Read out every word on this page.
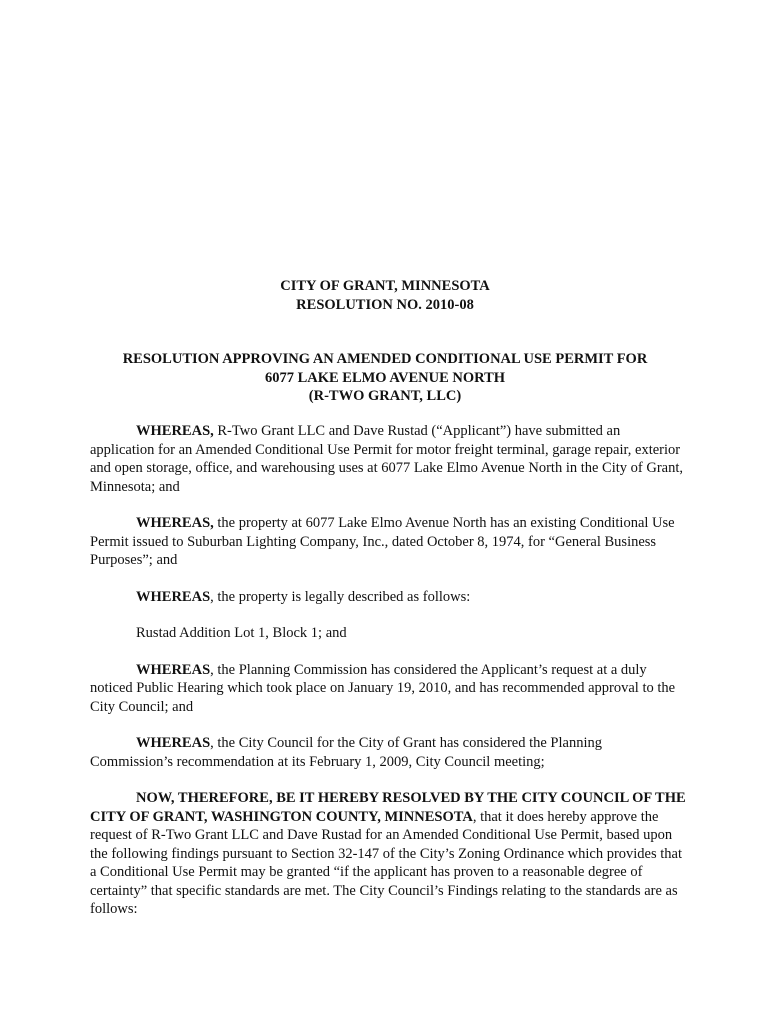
CITY OF GRANT, MINNESOTA
RESOLUTION NO. 2010-08
RESOLUTION APPROVING AN AMENDED CONDITIONAL USE PERMIT FOR
6077 LAKE ELMO AVENUE NORTH
(R-TWO GRANT, LLC)

WHEREAS, R-Two Grant LLC and Dave Rustad (“Applicant”) have submitted an application for an Amended Conditional Use Permit for motor freight terminal, garage repair, exterior and open storage, office, and warehousing uses at 6077 Lake Elmo Avenue North in the City of Grant, Minnesota; and

WHEREAS, the property at 6077 Lake Elmo Avenue North has an existing Conditional Use Permit issued to Suburban Lighting Company, Inc., dated October 8, 1974, for “General Business Purposes”; and

WHEREAS, the property is legally described as follows:

Rustad Addition Lot 1, Block 1; and

WHEREAS, the Planning Commission has considered the Applicant’s request at a duly noticed Public Hearing which took place on January 19, 2010, and has recommended approval to the City Council; and

WHEREAS, the City Council for the City of Grant has considered the Planning Commission’s recommendation at its February 1, 2009, City Council meeting;

NOW, THEREFORE, BE IT HEREBY RESOLVED BY THE CITY COUNCIL OF THE CITY OF GRANT, WASHINGTON COUNTY, MINNESOTA, that it does hereby approve the request of R-Two Grant LLC and Dave Rustad for an Amended Conditional Use Permit, based upon the following findings pursuant to Section 32-147 of the City’s Zoning Ordinance which provides that a Conditional Use Permit may be granted “if the applicant has proven to a reasonable degree of certainty” that specific standards are met. The City Council’s Findings relating to the standards are as follows:
